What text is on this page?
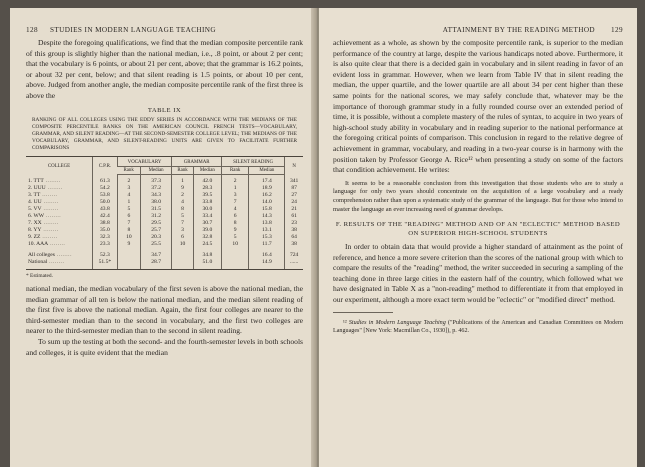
128 STUDIES IN MODERN LANGUAGE TEACHING

Despite the foregoing qualifications, we find that the median composite percentile rank of this group is slightly higher than the national median, i.e., .8 point, or about 2 per cent; that the vocabulary is 6 points, or about 21 per cent, above; that the grammar is 16.2 points, or about 32 per cent, below; and that silent reading is 1.5 points, or about 10 per cent, above. Judged from another angle, the median composite percentile rank of the first three is above the

TABLE IX

RANKING OF ALL COLLEGES USING THE EDDY SERIES IN ACCORDANCE WITH THE MEDIANS OF THE COMPOSITE PERCENTILE RANKS ON THE AMERICAN COUNCIL FRENCH TESTS—VOCABULARY, GRAMMAR, AND SILENT READING—AT THE SECOND-SEMESTER COLLEGE LEVEL; THE MEDIANS OF THE VOCABULARY, GRAMMAR, AND SILENT-READING UNITS ARE GIVEN TO FACILITATE FURTHER COMPARISONS

COLLEGE	C.P.R.	VOCABULARY		GRAMMAR		SILENT READING		N
		Rank	Median	Rank	Median	Rank	Median	
1. TTT ........	61.3	2	37.3	1	42.0	2	17.4	341
2. UUU ........	54.2	3	37.2	9	28.3	1	18.9	87
3. TT ........	53.8	4	34.3	2	39.5	3	16.2	27
4. UU ........	50.0	1	38.0	4	33.8	7	14.0	24
5. VV ........	43.8	5	31.5	8	30.0	4	15.8	21
6. WW ........	42.4	6	31.2	5	33.4	6	14.3	61
7. XX ........	38.8	7	29.5	7	30.7	8	13.8	23
8. YY ........	35.0	8	25.7	3	39.0	9	13.1	38
9. ZZ ........	32.3	10	20.3	6	32.8	5	15.3	64
10. AAA ........	23.3	9	25.5	10	24.5	10	11.7	38
All colleges ........	52.3		34.7		34.8		16.4	724
National ........	51.5*		28.7		51.0		14.9	......
* Estimated.

national median, the median vocabulary of the first seven is above the national median, the median grammar of all ten is below the national median, and the median silent reading of the first five is above the national median. Again, the first four colleges are nearer to the third-semester median than to the second in vocabulary, and the first two colleges are nearer to the third-semester median than to the second in silent reading.

To sum up the testing at both the second- and the fourth-semester levels in both schools and colleges, it is quite evident that the median

ATTAINMENT BY THE READING METHOD 129

achievement as a whole, as shown by the composite percentile rank, is superior to the median performance of the country at large, despite the various handicaps noted above. Furthermore, it is also quite clear that there is a decided gain in vocabulary and in silent reading in favor of an evident loss in grammar. However, when we learn from Table IV that in silent reading the median, the upper quartile, and the lower quartile are all about 34 per cent higher than these same points for the national scores, we may safely conclude that, whatever may be the importance of thorough grammar study in a fully rounded course over an extended period of time, it is possible, without a complete mastery of the rules of syntax, to acquire in two years of high-school study ability in vocabulary and in reading superior to the national performance at the foregoing critical points of comparison. This conclusion in regard to the relative degree of achievement in grammar, vocabulary, and reading in a two-year course is in harmony with the position taken by Professor George A. Rice¹² when presenting a study on some of the factors that condition achievement. He writes:

It seems to be a reasonable conclusion from this investigation that those students who are to study a language for only two years should concentrate on the acquisition of a large vocabulary and a ready comprehension rather than upon a systematic study of the grammar of the language. But for those who intend to master the language an ever increasing need of grammar develops.

F. RESULTS OF THE "READING" METHOD AND OF AN "ECLECTIC" METHOD BASED ON SUPERIOR HIGH-SCHOOL STUDENTS

In order to obtain data that would provide a higher standard of attainment as the point of reference, and hence a more severe criterion than the scores of the national group with which to compare the results of the "reading" method, the writer succeeded in securing a sampling of the teaching done in three large cities in the eastern half of the country, which followed what we have designated in Table X as a "non-reading" method to differentiate it from that employed in our experiment, although a more exact term would be "eclectic" or "modified direct" method.

¹² Studies in Modern Language Teaching ("Publications of the American and Canadian Committees on Modern Languages" [New York: Macmillan Co., 1930]), p. 462.
